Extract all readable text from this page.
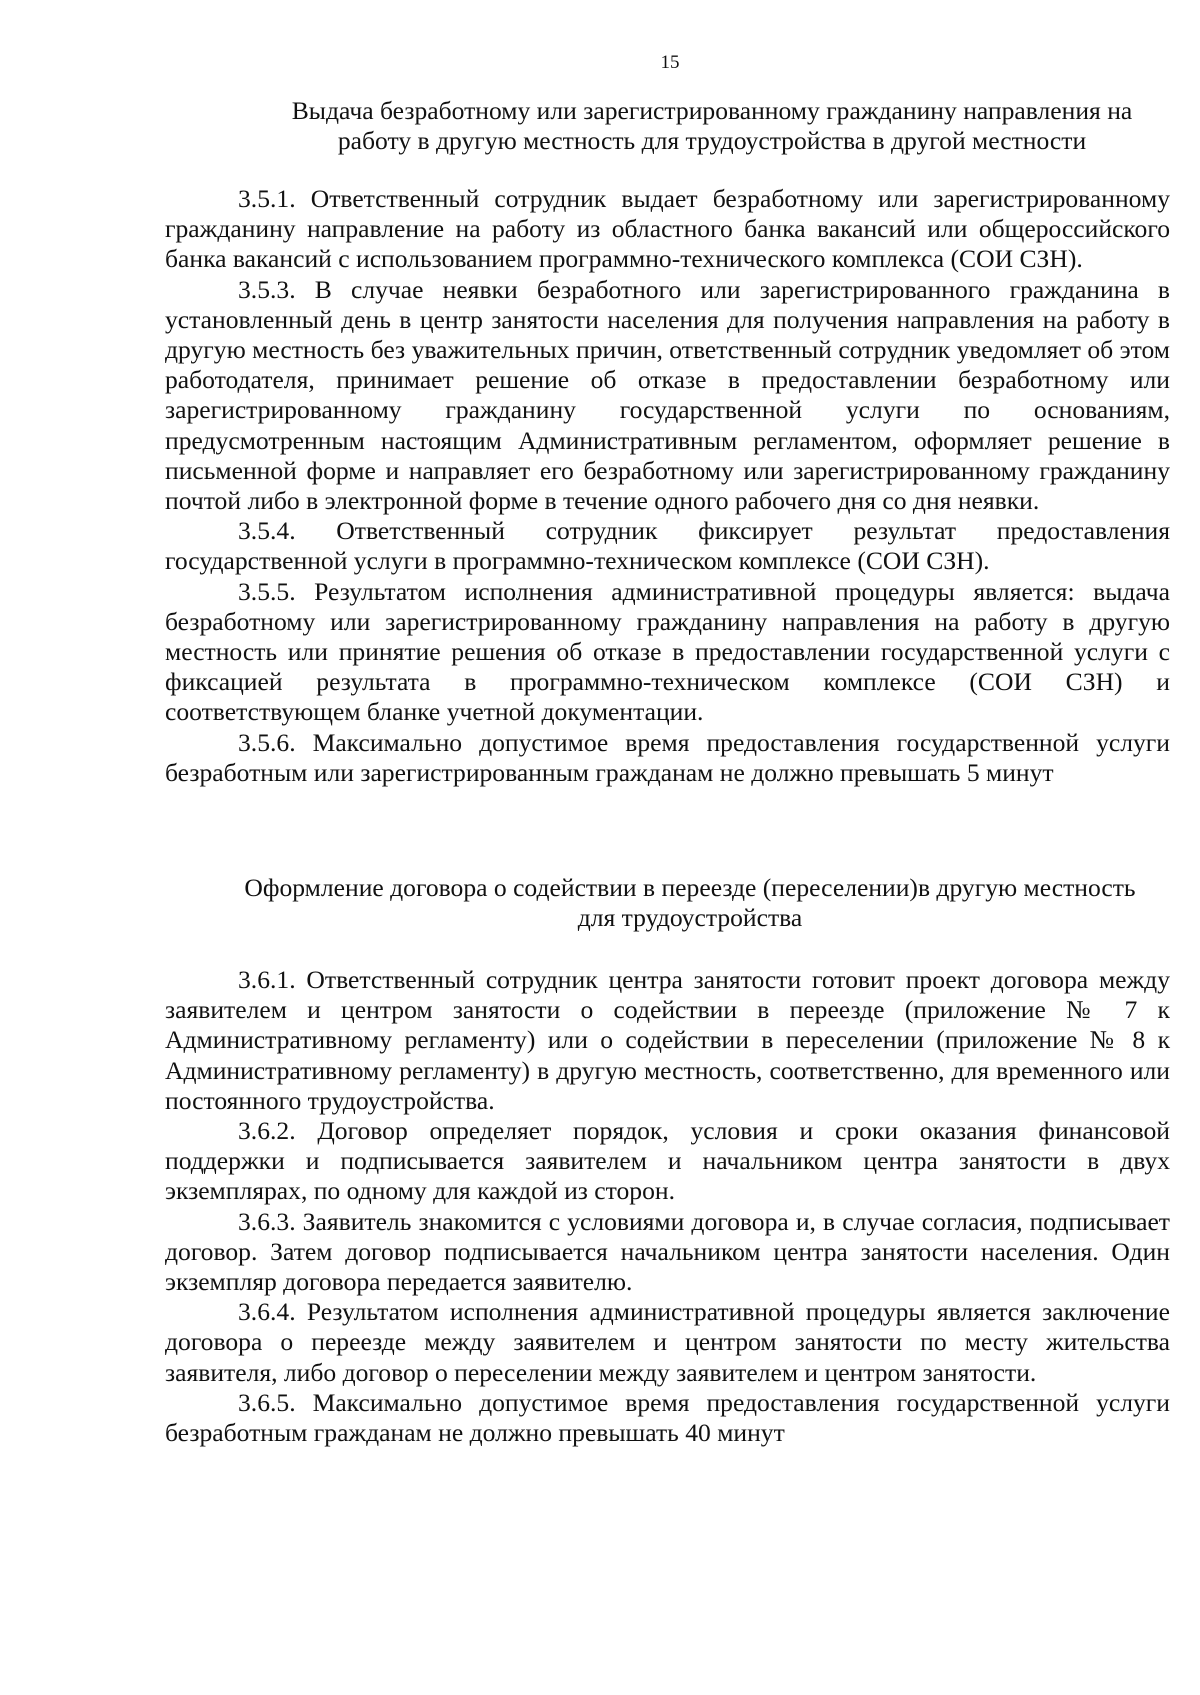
15
Выдача безработному или зарегистрированному гражданину направления на работу в другую местность для трудоустройства в другой местности

3.5.1. Ответственный сотрудник выдает безработному или зарегистрированному гражданину направление на работу из областного банка вакансий или общероссийского банка вакансий с использованием программно-технического комплекса (СОИ СЗН).

3.5.3. В случае неявки безработного или зарегистрированного гражданина в установленный день в центр занятости населения для получения направления на работу в другую местность без уважительных причин, ответственный сотрудник уведомляет об этом работодателя, принимает решение об отказе в предоставлении безработному или зарегистрированному гражданину государственной услуги по основаниям, предусмотренным настоящим Административным регламентом, оформляет решение в письменной форме и направляет его безработному или зарегистрированному гражданину почтой либо в электронной форме в течение одного рабочего дня со дня неявки.

3.5.4. Ответственный сотрудник фиксирует результат предоставления государственной услуги в программно-техническом комплексе (СОИ СЗН).

3.5.5. Результатом исполнения административной процедуры является: выдача безработному или зарегистрированному гражданину направления на работу в другую местность или принятие решения об отказе в предоставлении государственной услуги с фиксацией результата в программно-техническом комплексе (СОИ СЗН) и соответствующем бланке учетной документации.

3.5.6. Максимально допустимое время предоставления государственной услуги безработным или зарегистрированным гражданам не должно превышать 5 минут

Оформление договора о содействии в переезде (переселении)в другую местность для трудоустройства

3.6.1. Ответственный сотрудник центра занятости готовит проект договора между заявителем и центром занятости о содействии в переезде (приложение № 7 к Административному регламенту) или о содействии в переселении (приложение № 8 к Административному регламенту) в другую местность, соответственно, для временного или постоянного трудоустройства.

3.6.2. Договор определяет порядок, условия и сроки оказания финансовой поддержки и подписывается заявителем и начальником центра занятости в двух экземплярах, по одному для каждой из сторон.

3.6.3. Заявитель знакомится с условиями договора и, в случае согласия, подписывает договор. Затем договор подписывается начальником центра занятости населения. Один экземпляр договора передается заявителю.

3.6.4. Результатом исполнения административной процедуры является заключение договора о переезде между заявителем и центром занятости по месту жительства заявителя, либо договор о переселении между заявителем и центром занятости.

3.6.5. Максимально допустимое время предоставления государственной услуги безработным гражданам не должно превышать 40 минут
